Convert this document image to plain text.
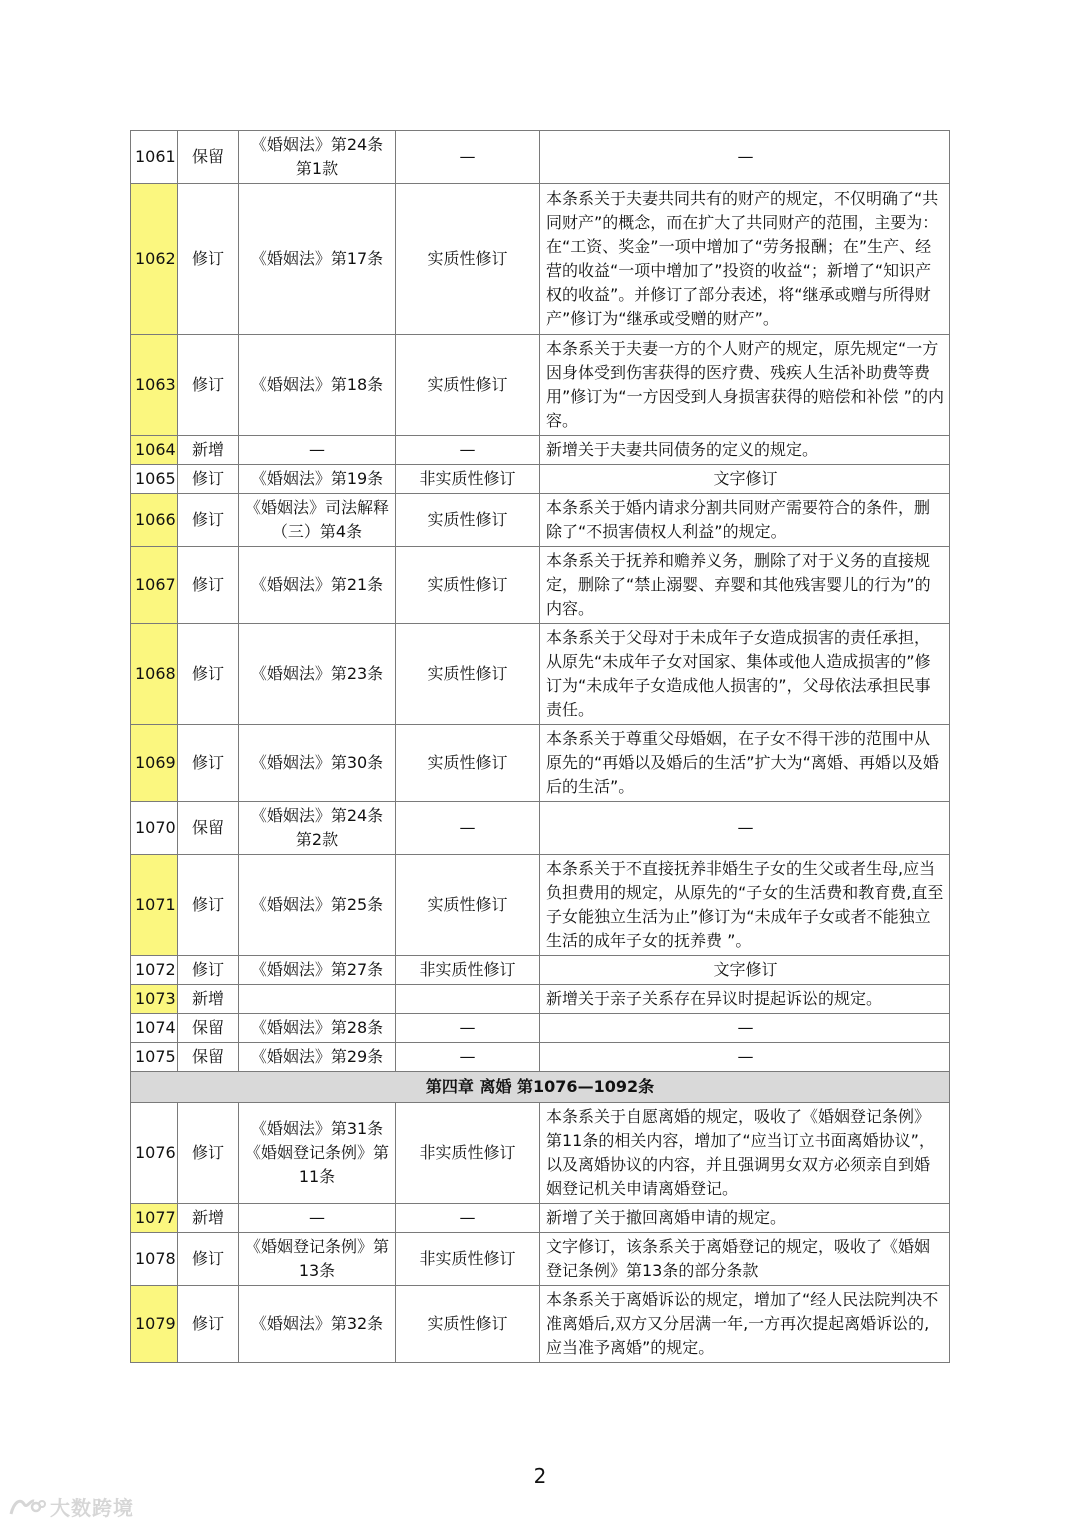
1061	保留	《婚姻法》第24条第1款	—	—
1062	修订	《婚姻法》第17条	实质性修订	本条系关于夫妻共同共有的财产的规定，不仅明确了“共同财产”的概念，而在扩大了共同财产的范围，主要为：在“工资、奖金”一项中增加了“劳务报酬；在”生产、经营的收益“一项中增加了”投资的收益“；新增了“知识产权的收益”。并修订了部分表述，将“继承或赠与所得财产”修订为“继承或受赠的财产”。
1063	修订	《婚姻法》第18条	实质性修订	本条系关于夫妻一方的个人财产的规定，原先规定“一方因身体受到伤害获得的医疗费、残疾人生活补助费等费用”修订为“一方因受到人身损害获得的赔偿和补偿 ”的内容。
1064	新增	—	—	新增关于夫妻共同债务的定义的规定。
1065	修订	《婚姻法》第19条	非实质性修订	文字修订
1066	修订	《婚姻法》司法解释（三）第4条	实质性修订	本条系关于婚内请求分割共同财产需要符合的条件，删除了“不损害债权人利益”的规定。
1067	修订	《婚姻法》第21条	实质性修订	本条系关于抚养和赡养义务，删除了对于义务的直接规定，删除了“禁止溺婴、弃婴和其他残害婴儿的行为”的内容。
1068	修订	《婚姻法》第23条	实质性修订	本条系关于父母对于未成年子女造成损害的责任承担，从原先“未成年子女对国家、集体或他人造成损害的”修订为“未成年子女造成他人损害的”，父母依法承担民事责任。
1069	修订	《婚姻法》第30条	实质性修订	本条系关于尊重父母婚姻，在子女不得干涉的范围中从原先的“再婚以及婚后的生活”扩大为“离婚、再婚以及婚后的生活”。
1070	保留	《婚姻法》第24条第2款	—	—
1071	修订	《婚姻法》第25条	实质性修订	本条系关于不直接抚养非婚生子女的生父或者生母,应当负担费用的规定，从原先的“子女的生活费和教育费,直至子女能独立生活为止”修订为“未成年子女或者不能独立生活的成年子女的抚养费 ”。
1072	修订	《婚姻法》第27条	非实质性修订	文字修订
1073	新增			新增关于亲子关系存在异议时提起诉讼的规定。
1074	保留	《婚姻法》第28条	—	—
1075	保留	《婚姻法》第29条	—	—
第四章 离婚 第1076—1092条				
1076	修订	《婚姻法》第31条《婚姻登记条例》第11条	非实质性修订	本条系关于自愿离婚的规定，吸收了《婚姻登记条例》第11条的相关内容，增加了“应当订立书面离婚协议”，以及离婚协议的内容，并且强调男女双方必须亲自到婚姻登记机关申请离婚登记。
1077	新增	—	—	新增了关于撤回离婚申请的规定。
1078	修订	《婚姻登记条例》第13条	非实质性修订	文字修订，该条系关于离婚登记的规定，吸收了《婚姻登记条例》第13条的部分条款
1079	修订	《婚姻法》第32条	实质性修订	本条系关于离婚诉讼的规定，增加了“经人民法院判决不准离婚后,双方又分居满一年,一方再次提起离婚诉讼的,应当准予离婚”的规定。
2
大数跨境
